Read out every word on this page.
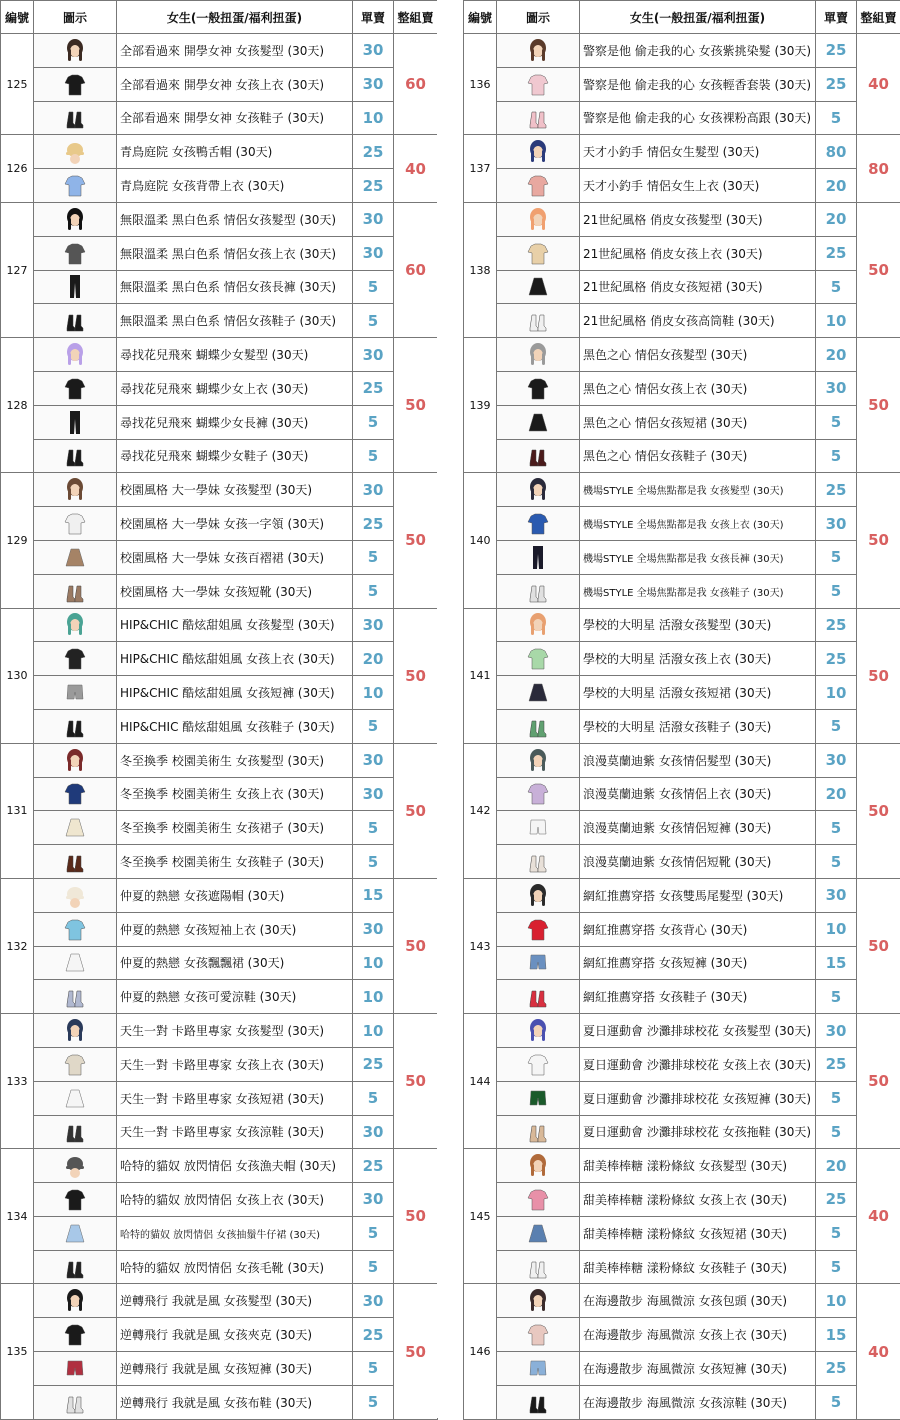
編號	圖示	女生(一般扭蛋/福利扭蛋)	單賣	整組賣
125		全部看過來 開學女神 女孩髮型 (30天)	30	60

	全部看過來 開學女神 女孩上衣 (30天)	30	

	全部看過來 開學女神 女孩鞋子 (30天)	10	
126		青鳥庭院 女孩鴨舌帽 (30天)	25	40

	青鳥庭院 女孩背帶上衣 (30天)	25	
127		無限溫柔 黑白色系 情侶女孩髮型 (30天)	30	60

	無限溫柔 黑白色系 情侶女孩上衣 (30天)	30	

	無限溫柔 黑白色系 情侶女孩長褲 (30天)	5	

	無限溫柔 黑白色系 情侶女孩鞋子 (30天)	5	
128		尋找花兒飛來 蝴蝶少女髮型 (30天)	30	50

	尋找花兒飛來 蝴蝶少女上衣 (30天)	25	

	尋找花兒飛來 蝴蝶少女長褲 (30天)	5	

	尋找花兒飛來 蝴蝶少女鞋子 (30天)	5	
129		校園風格 大一學妹 女孩髮型 (30天)	30	50

	校園風格 大一學妹 女孩一字領 (30天)	25	

	校園風格 大一學妹 女孩百褶裙 (30天)	5	

	校園風格 大一學妹 女孩短靴 (30天)	5	
130		HIP&CHIC 酷炫甜姐風 女孩髮型 (30天)	30	50

	HIP&CHIC 酷炫甜姐風 女孩上衣 (30天)	20	

	HIP&CHIC 酷炫甜姐風 女孩短褲 (30天)	10	

	HIP&CHIC 酷炫甜姐風 女孩鞋子 (30天)	5	
131		冬至換季 校園美術生 女孩髮型 (30天)	30	50

	冬至換季 校園美術生 女孩上衣 (30天)	30	

	冬至換季 校園美術生 女孩裙子 (30天)	5	

	冬至換季 校園美術生 女孩鞋子 (30天)	5	
132		仲夏的熱戀 女孩遮陽帽 (30天)	15	50

	仲夏的熱戀 女孩短袖上衣 (30天)	30	

	仲夏的熱戀 女孩飄飄裙 (30天)	10	

	仲夏的熱戀 女孩可愛涼鞋 (30天)	10	
133		天生一對 卡路里專家 女孩髮型 (30天)	10	50

	天生一對 卡路里專家 女孩上衣 (30天)	25	

	天生一對 卡路里專家 女孩短裙 (30天)	5	

	天生一對 卡路里專家 女孩涼鞋 (30天)	30	
134		哈特的貓奴 放閃情侶 女孩漁夫帽 (30天)	25	50

	哈特的貓奴 放閃情侶 女孩上衣 (30天)	30	

	哈特的貓奴 放閃情侶 女孩抽鬚牛仔裙 (30天)	5	

	哈特的貓奴 放閃情侶 女孩毛靴 (30天)	5	
135		逆轉飛行 我就是風 女孩髮型 (30天)	30	50

	逆轉飛行 我就是風 女孩夾克 (30天)	25	

	逆轉飛行 我就是風 女孩短褲 (30天)	5	

	逆轉飛行 我就是風 女孩布鞋 (30天)	5	
編號	圖示	女生(一般扭蛋/福利扭蛋)	單賣	整組賣
136		警察是他 偷走我的心 女孩紫挑染髮 (30天)	25	40

	警察是他 偷走我的心 女孩輕香套裝 (30天)	25	

	警察是他 偷走我的心 女孩裸粉高跟 (30天)	5	
137		天才小釣手 情侶女生髮型 (30天)	80	80

	天才小釣手 情侶女生上衣 (30天)	20	
138		21世紀風格 俏皮女孩髮型 (30天)	20	50

	21世紀風格 俏皮女孩上衣 (30天)	25	

	21世紀風格 俏皮女孩短裙 (30天)	5	

	21世紀風格 俏皮女孩高筒鞋 (30天)	10	
139		黑色之心 情侶女孩髮型 (30天)	20	50

	黑色之心 情侶女孩上衣 (30天)	30	

	黑色之心 情侶女孩短裙 (30天)	5	

	黑色之心 情侶女孩鞋子 (30天)	5	
140		機場STYLE 全場焦點都是我 女孩髮型 (30天)	25	50

	機場STYLE 全場焦點都是我 女孩上衣 (30天)	30	

	機場STYLE 全場焦點都是我 女孩長褲 (30天)	5	

	機場STYLE 全場焦點都是我 女孩鞋子 (30天)	5	
141		學校的大明星 活潑女孩髮型 (30天)	25	50

	學校的大明星 活潑女孩上衣 (30天)	25	

	學校的大明星 活潑女孩短裙 (30天)	10	

	學校的大明星 活潑女孩鞋子 (30天)	5	
142		浪漫莫蘭迪紫 女孩情侶髮型 (30天)	30	50

	浪漫莫蘭迪紫 女孩情侶上衣 (30天)	20	

	浪漫莫蘭迪紫 女孩情侶短褲 (30天)	5	

	浪漫莫蘭迪紫 女孩情侶短靴 (30天)	5	
143		網紅推薦穿搭 女孩雙馬尾髮型 (30天)	30	50

	網紅推薦穿搭 女孩背心 (30天)	10	

	網紅推薦穿搭 女孩短褲 (30天)	15	

	網紅推薦穿搭 女孩鞋子 (30天)	5	
144		夏日運動會 沙灘排球校花 女孩髮型 (30天)	30	50

	夏日運動會 沙灘排球校花 女孩上衣 (30天)	25	

	夏日運動會 沙灘排球校花 女孩短褲 (30天)	5	

	夏日運動會 沙灘排球校花 女孩拖鞋 (30天)	5	
145		甜美棒棒糖 漾粉條紋 女孩髮型 (30天)	20	40

	甜美棒棒糖 漾粉條紋 女孩上衣 (30天)	25	

	甜美棒棒糖 漾粉條紋 女孩短裙 (30天)	5	

	甜美棒棒糖 漾粉條紋 女孩鞋子 (30天)	5	
146		在海邊散步 海風微涼 女孩包頭 (30天)	10	40

	在海邊散步 海風微涼 女孩上衣 (30天)	15	

	在海邊散步 海風微涼 女孩短褲 (30天)	25	

	在海邊散步 海風微涼 女孩涼鞋 (30天)	5	
